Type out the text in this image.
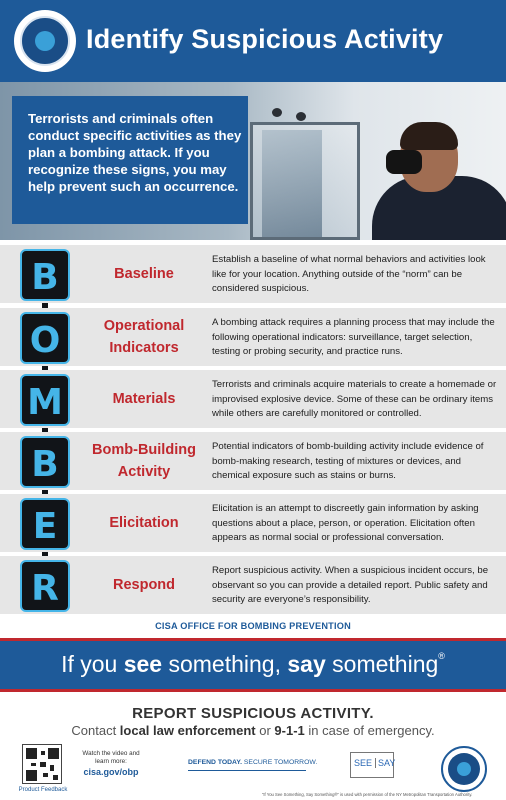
Identify Suspicious Activity
Terrorists and criminals often conduct specific activities as they plan a bombing attack. If you recognize these signs, you may help prevent such an occurrence.
B	Baseline
Establish a baseline of what normal behaviors and activities look like for your location. Anything outside of the “norm” can be considered suspicious.
O	Operational Indicators
A bombing attack requires a planning process that may include the following operational indicators: surveillance, target selection, testing or probing security, and practice runs.
M	Materials
Terrorists and criminals acquire materials to create a homemade or improvised explosive device. Some of these can be ordinary items while others are carefully monitored or controlled.
B	Bomb-Building Activity
Potential indicators of bomb-building activity include evidence of bomb-making research, testing of mixtures or devices, and chemical exposure such as stains or burns.
E	Elicitation
Elicitation is an attempt to discreetly gain information by asking questions about a place, person, or operation. Elicitation often appears as normal social or professional conversation.
R	Respond
Report suspicious activity. When a suspicious incident occurs, be observant so you can provide a detailed report. Public safety and security are everyone’s responsibility.
CISA OFFICE FOR BOMBING PREVENTION
If you see something, say something®
REPORT SUSPICIOUS ACTIVITY.
Contact local law enforcement or 9-1-1 in case of emergency.
Product Feedback
Watch the video and learn more:
cisa.gov/obp
DEFEND TODAY. SECURE TOMORROW.	SEE SAY
“If You See Something, Say Something®” is used with permission of the NY Metropolitan Transportation Authority.
